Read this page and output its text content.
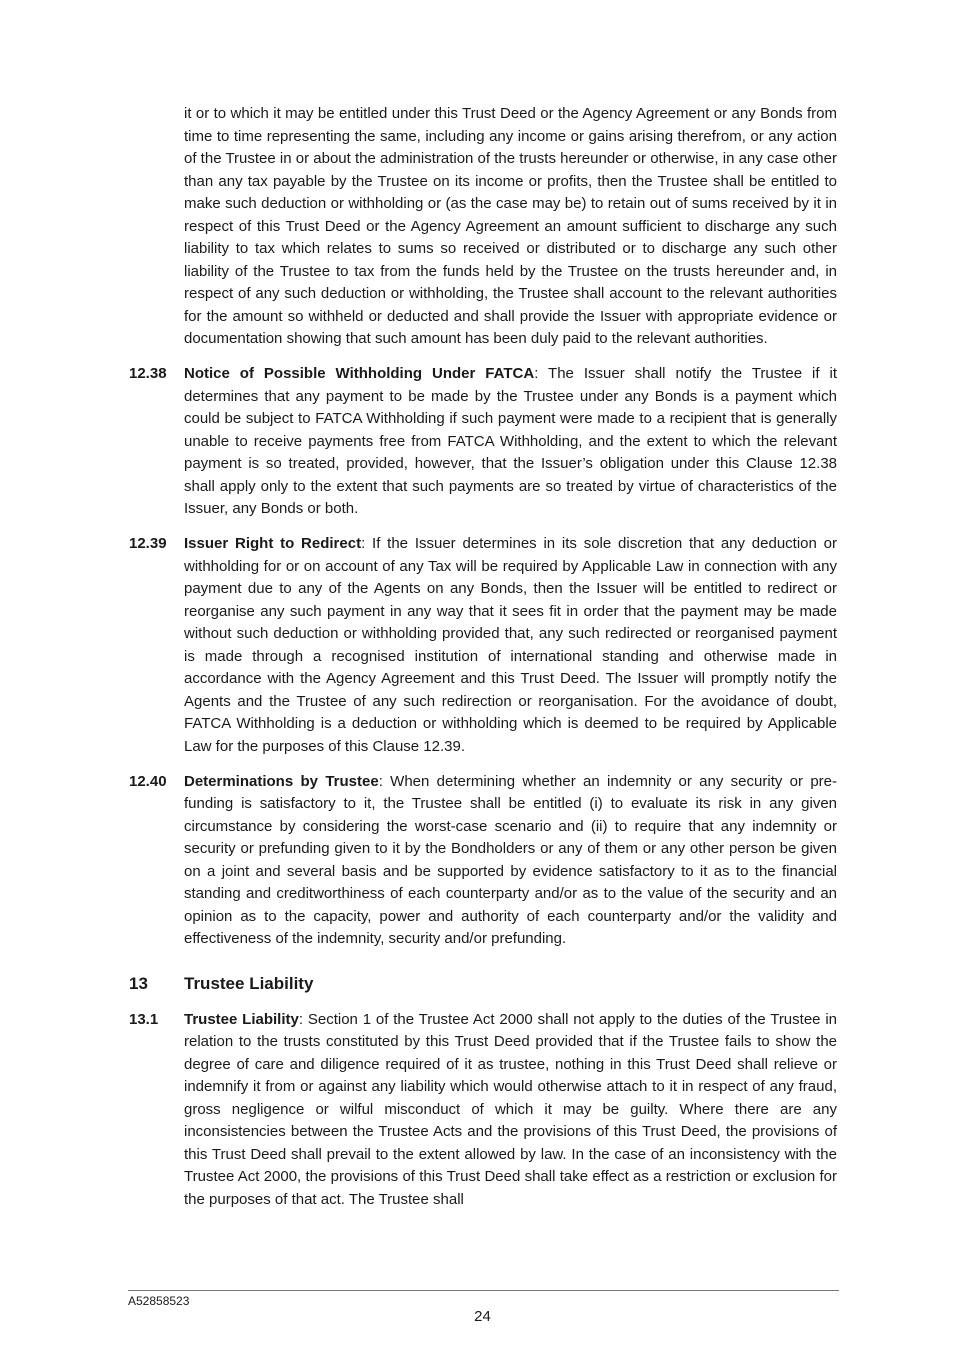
it or to which it may be entitled under this Trust Deed or the Agency Agreement or any Bonds from time to time representing the same, including any income or gains arising therefrom, or any action of the Trustee in or about the administration of the trusts hereunder or otherwise, in any case other than any tax payable by the Trustee on its income or profits, then the Trustee shall be entitled to make such deduction or withholding or (as the case may be) to retain out of sums received by it in respect of this Trust Deed or the Agency Agreement an amount sufficient to discharge any such liability to tax which relates to sums so received or distributed or to discharge any such other liability of the Trustee to tax from the funds held by the Trustee on the trusts hereunder and, in respect of any such deduction or withholding, the Trustee shall account to the relevant authorities for the amount so withheld or deducted and shall provide the Issuer with appropriate evidence or documentation showing that such amount has been duly paid to the relevant authorities.
12.38 Notice of Possible Withholding Under FATCA: The Issuer shall notify the Trustee if it determines that any payment to be made by the Trustee under any Bonds is a payment which could be subject to FATCA Withholding if such payment were made to a recipient that is generally unable to receive payments free from FATCA Withholding, and the extent to which the relevant payment is so treated, provided, however, that the Issuer’s obligation under this Clause 12.38 shall apply only to the extent that such payments are so treated by virtue of characteristics of the Issuer, any Bonds or both.
12.39 Issuer Right to Redirect: If the Issuer determines in its sole discretion that any deduction or withholding for or on account of any Tax will be required by Applicable Law in connection with any payment due to any of the Agents on any Bonds, then the Issuer will be entitled to redirect or reorganise any such payment in any way that it sees fit in order that the payment may be made without such deduction or withholding provided that, any such redirected or reorganised payment is made through a recognised institution of international standing and otherwise made in accordance with the Agency Agreement and this Trust Deed. The Issuer will promptly notify the Agents and the Trustee of any such redirection or reorganisation. For the avoidance of doubt, FATCA Withholding is a deduction or withholding which is deemed to be required by Applicable Law for the purposes of this Clause 12.39.
12.40 Determinations by Trustee: When determining whether an indemnity or any security or pre-funding is satisfactory to it, the Trustee shall be entitled (i) to evaluate its risk in any given circumstance by considering the worst-case scenario and (ii) to require that any indemnity or security or prefunding given to it by the Bondholders or any of them or any other person be given on a joint and several basis and be supported by evidence satisfactory to it as to the financial standing and creditworthiness of each counterparty and/or as to the value of the security and an opinion as to the capacity, power and authority of each counterparty and/or the validity and effectiveness of the indemnity, security and/or prefunding.
13 Trustee Liability
13.1 Trustee Liability: Section 1 of the Trustee Act 2000 shall not apply to the duties of the Trustee in relation to the trusts constituted by this Trust Deed provided that if the Trustee fails to show the degree of care and diligence required of it as trustee, nothing in this Trust Deed shall relieve or indemnify it from or against any liability which would otherwise attach to it in respect of any fraud, gross negligence or wilful misconduct of which it may be guilty. Where there are any inconsistencies between the Trustee Acts and the provisions of this Trust Deed, the provisions of this Trust Deed shall prevail to the extent allowed by law. In the case of an inconsistency with the Trustee Act 2000, the provisions of this Trust Deed shall take effect as a restriction or exclusion for the purposes of that act. The Trustee shall
A52858523
24
